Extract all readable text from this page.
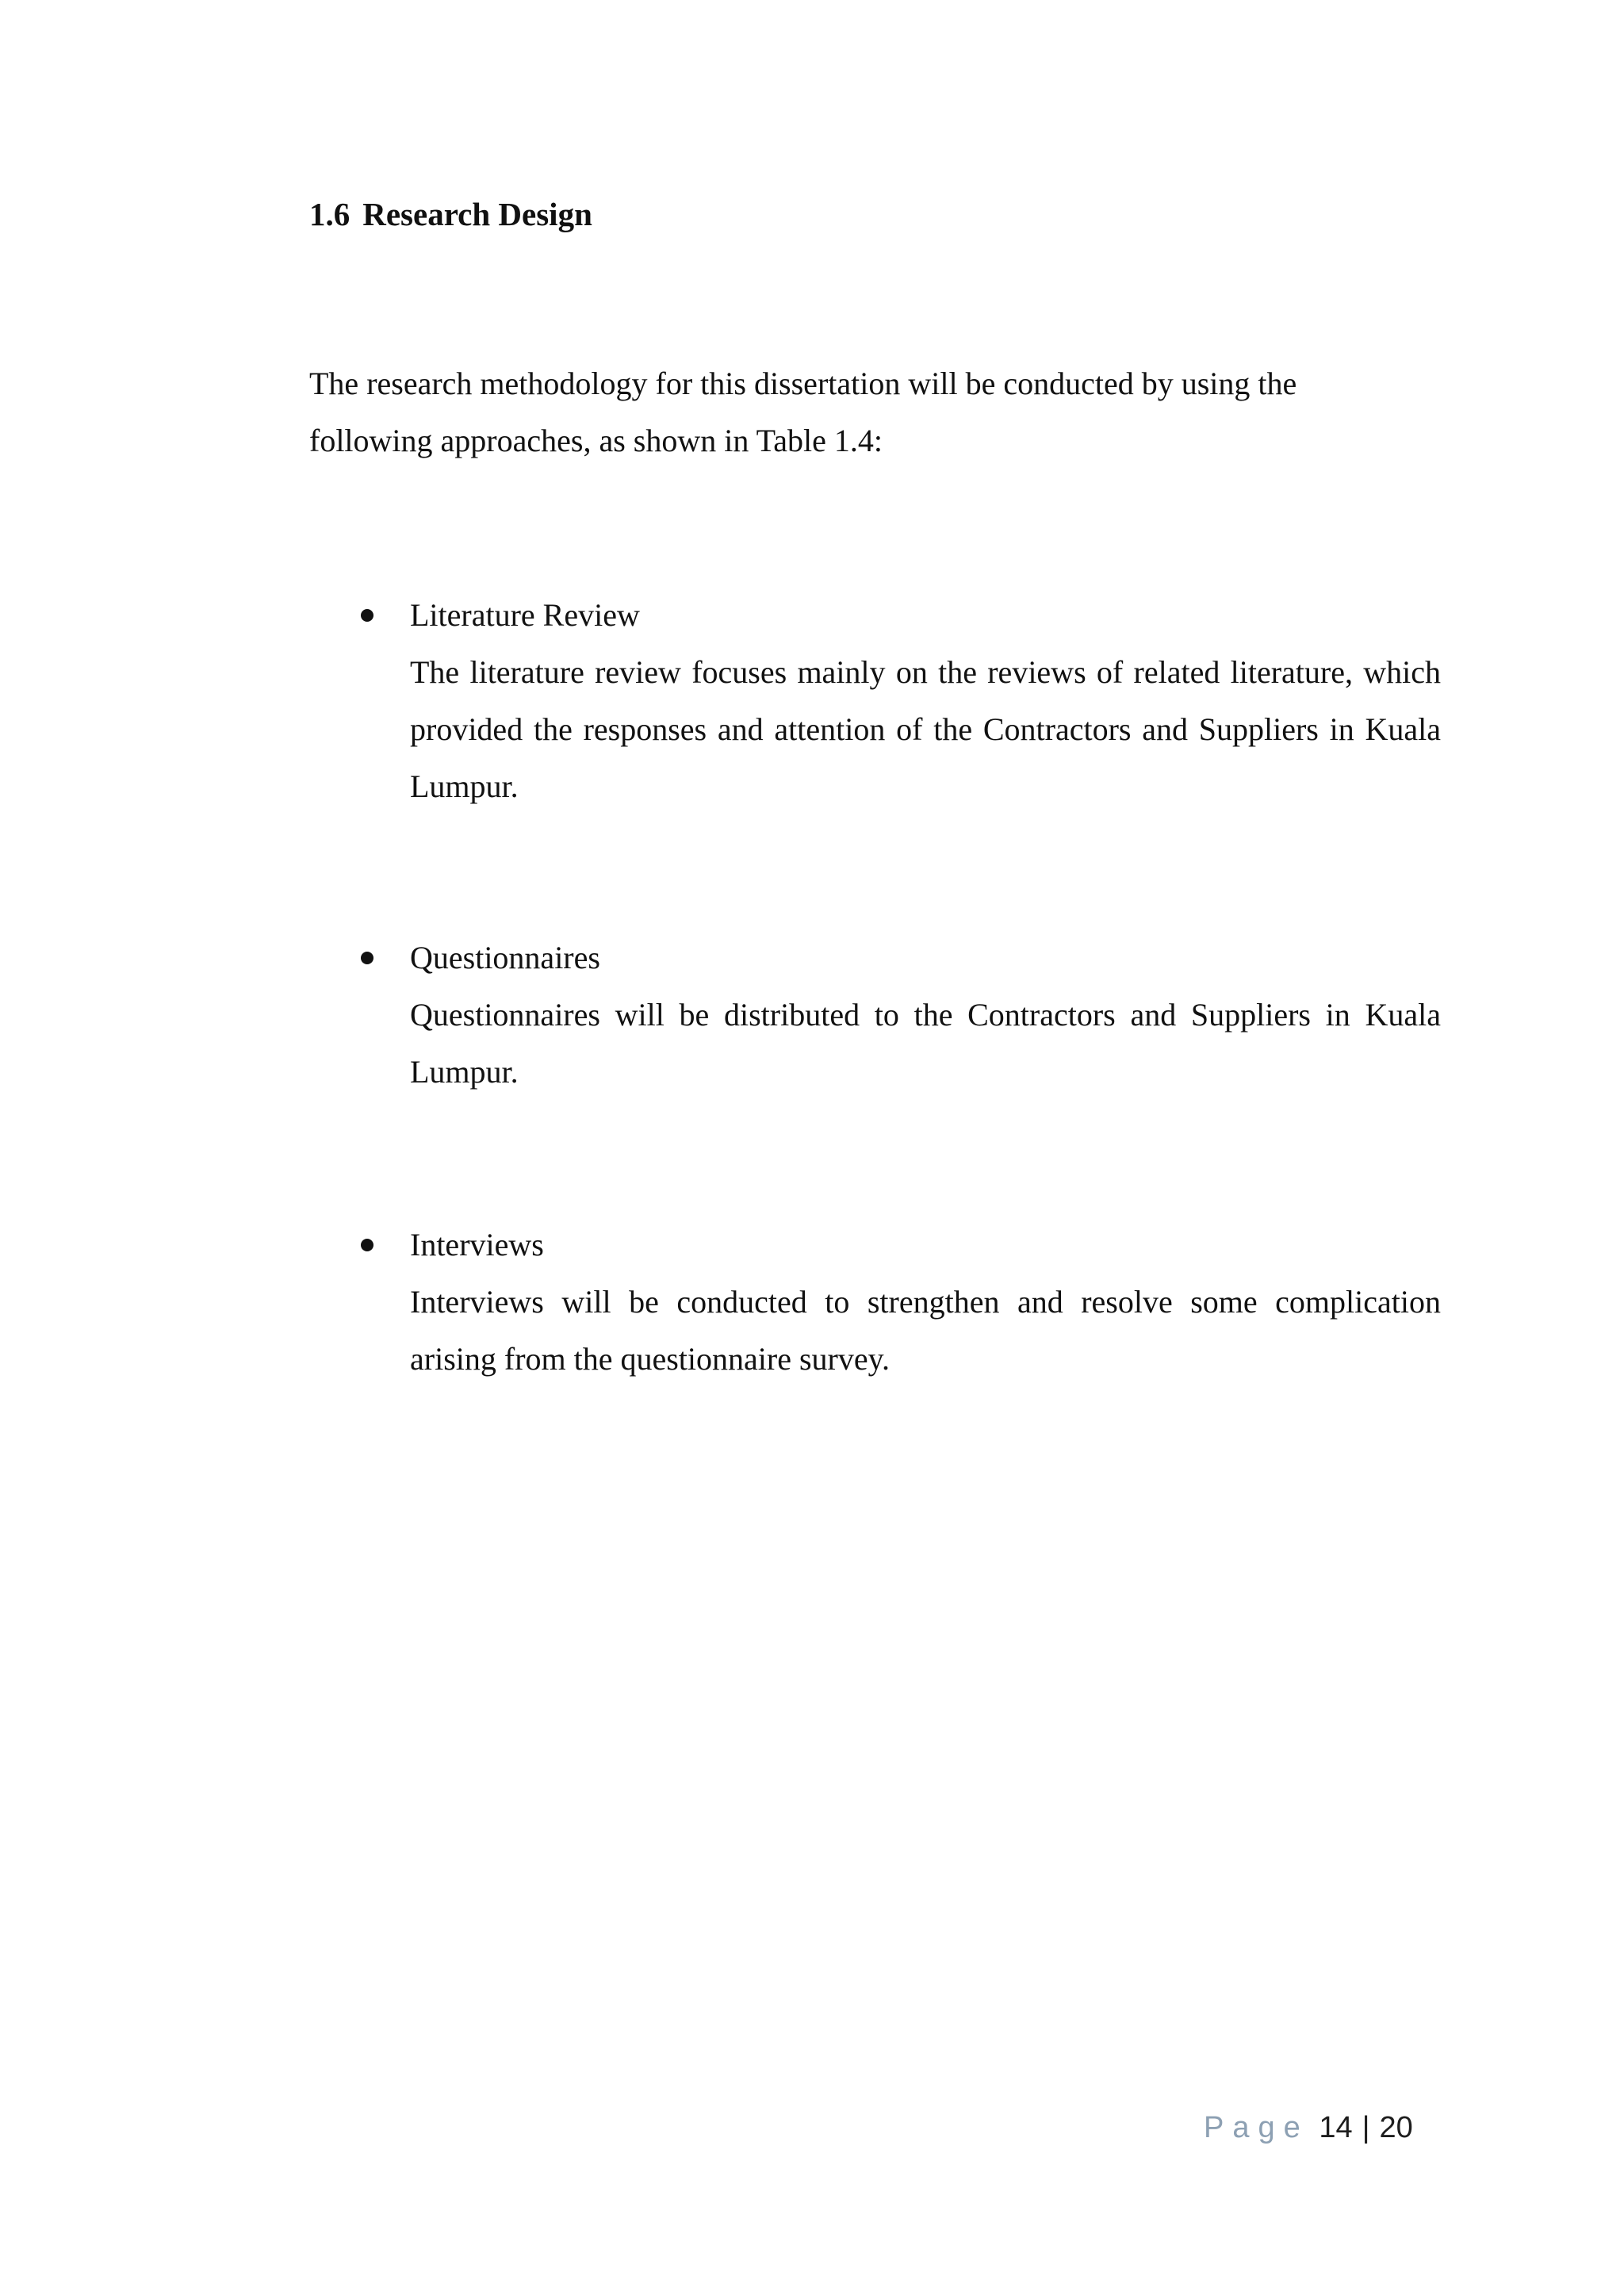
1.6 Research Design

The research methodology for this dissertation will be conducted by using the following approaches, as shown in Table 1.4:

Literature Review

The literature review focuses mainly on the reviews of related literature, which provided the responses and attention of the Contractors and Suppliers in Kuala Lumpur.

Questionnaires

Questionnaires will be distributed to the Contractors and Suppliers in Kuala Lumpur.

Interviews

Interviews will be conducted to strengthen and resolve some complication arising from the questionnaire survey.

Page 14 | 20
